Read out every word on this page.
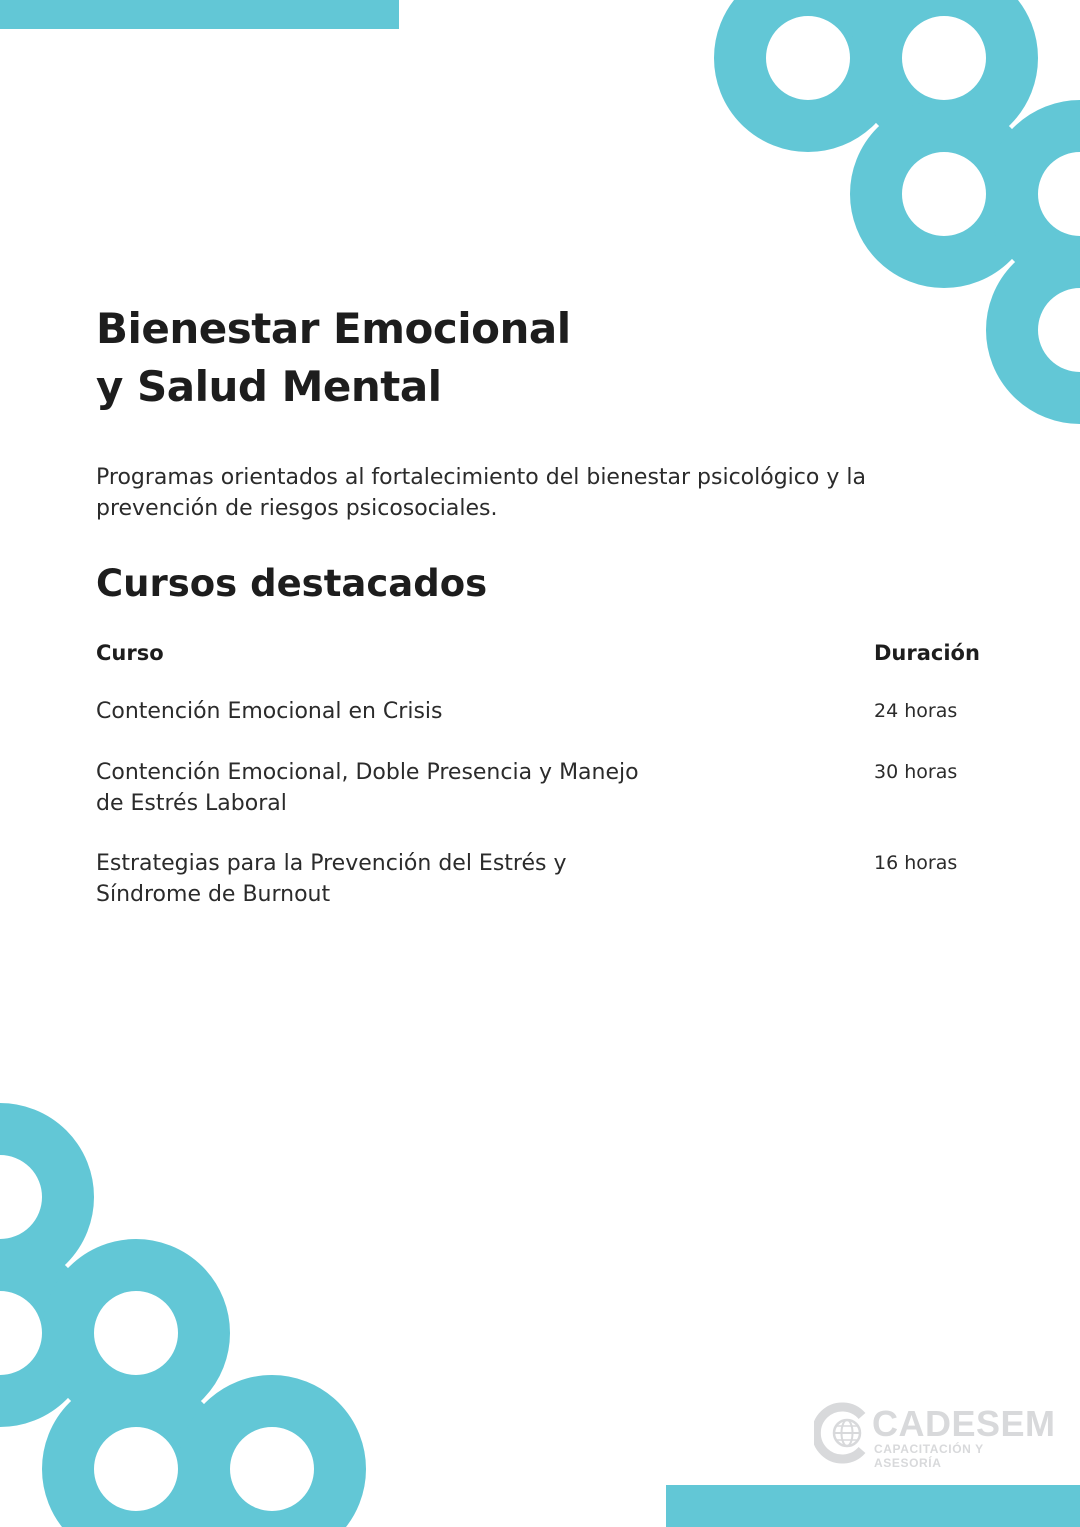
Bienestar Emocional
y Salud Mental

Programas orientados al fortalecimiento del bienestar psicológico y la prevención de riesgos psicosociales.

Cursos destacados
Curso	Duración
Contención Emocional en Crisis	24 horas
Contención Emocional, Doble Presencia y Manejo de Estrés Laboral
30 horas
Estrategias para la Prevención del Estrés y Síndrome de Burnout
16 horas
CADESEM
CAPACITACIÓN Y ASESORÍA
